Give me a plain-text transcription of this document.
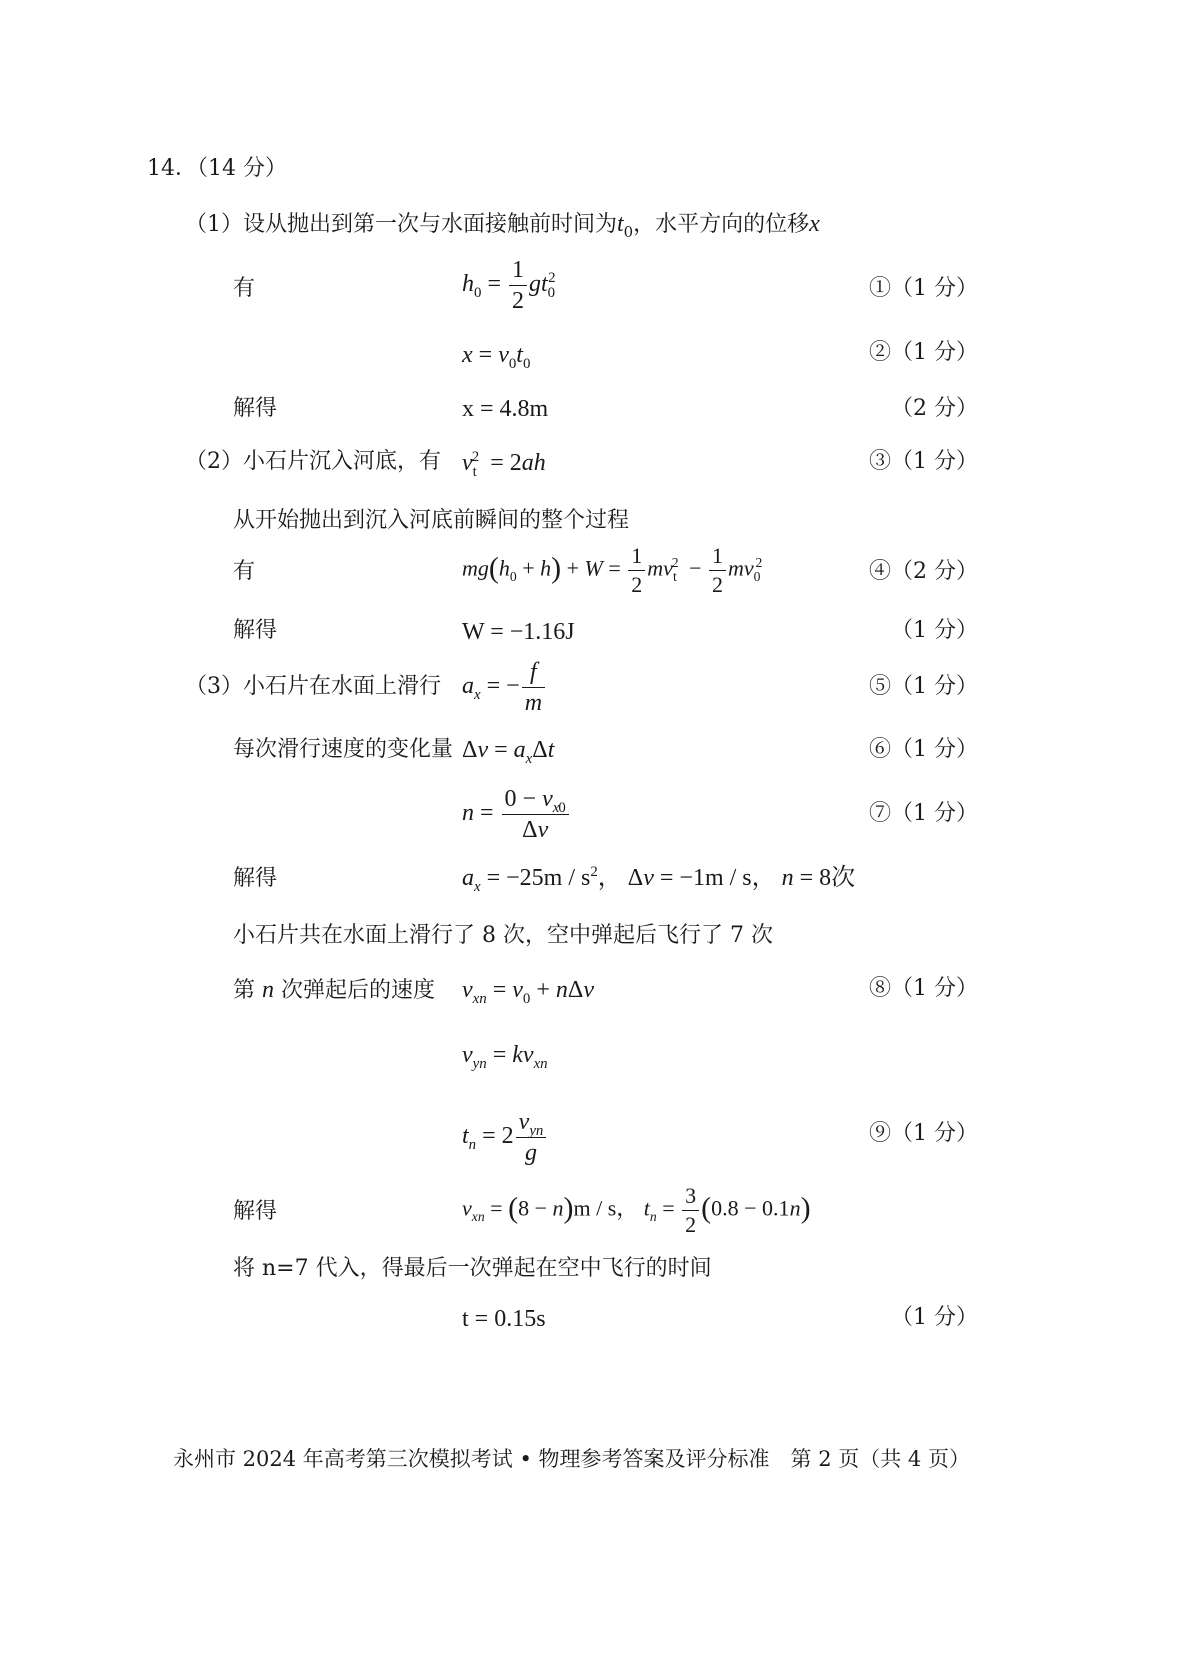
14．（14 分）
（1）设从抛出到第一次与水面接触前时间为$t_0$，水平方向的位移x
有	$h_0 = \frac{1}{2} gt_0^2$	①（1 分）
$x = v_0t_0$	②（1 分）
解得	x = 4.8m	（2 分）
（2）小石片沉入河底，有 $v_t^2 = 2ah$	③（1 分）
从开始抛出到沉入河底前瞬间的整个过程
有	$mg(h_0 + h) + W = \frac{1}{2} mv_t^2 - \frac{1}{2} mv_0^2$	④（2 分）
解得	W = −1.16J	（1 分）
（3）小石片在水面上滑行 $a_x$ = − $\frac{f}{m}$	⑤（1 分）
每次滑行速度的变化量 $\Delta v = a_x\Delta t$	⑥（1 分）
$n = \frac{0 - v_{x0}}{\Delta v}$	⑦（1 分）
解得	$a_x = -25m / s^2$， Δv = −1m / s， n = 8次
小石片共在水面上滑行了 8 次，空中弹起后飞行了 7 次
第 n 次弹起后的速度 $v_{xn} = v_0 + n\Delta v$	⑧（1 分）
$v_{yn} = kv_{xn}$
$t_n = 2 \frac{v_{yn}}{g}$	⑨（1 分）
解得	$v_{xn} = (8 - n)m / s$， $t_n = \frac{3}{2} (0.8 - 0.1n)$
将 n=7 代入，得最后一次弹起在空中飞行的时间
t = 0.15s	（1 分）
永州市 2024 年高考第三次模拟考试 • 物理参考答案及评分标准　第 2 页（共 4 页）
